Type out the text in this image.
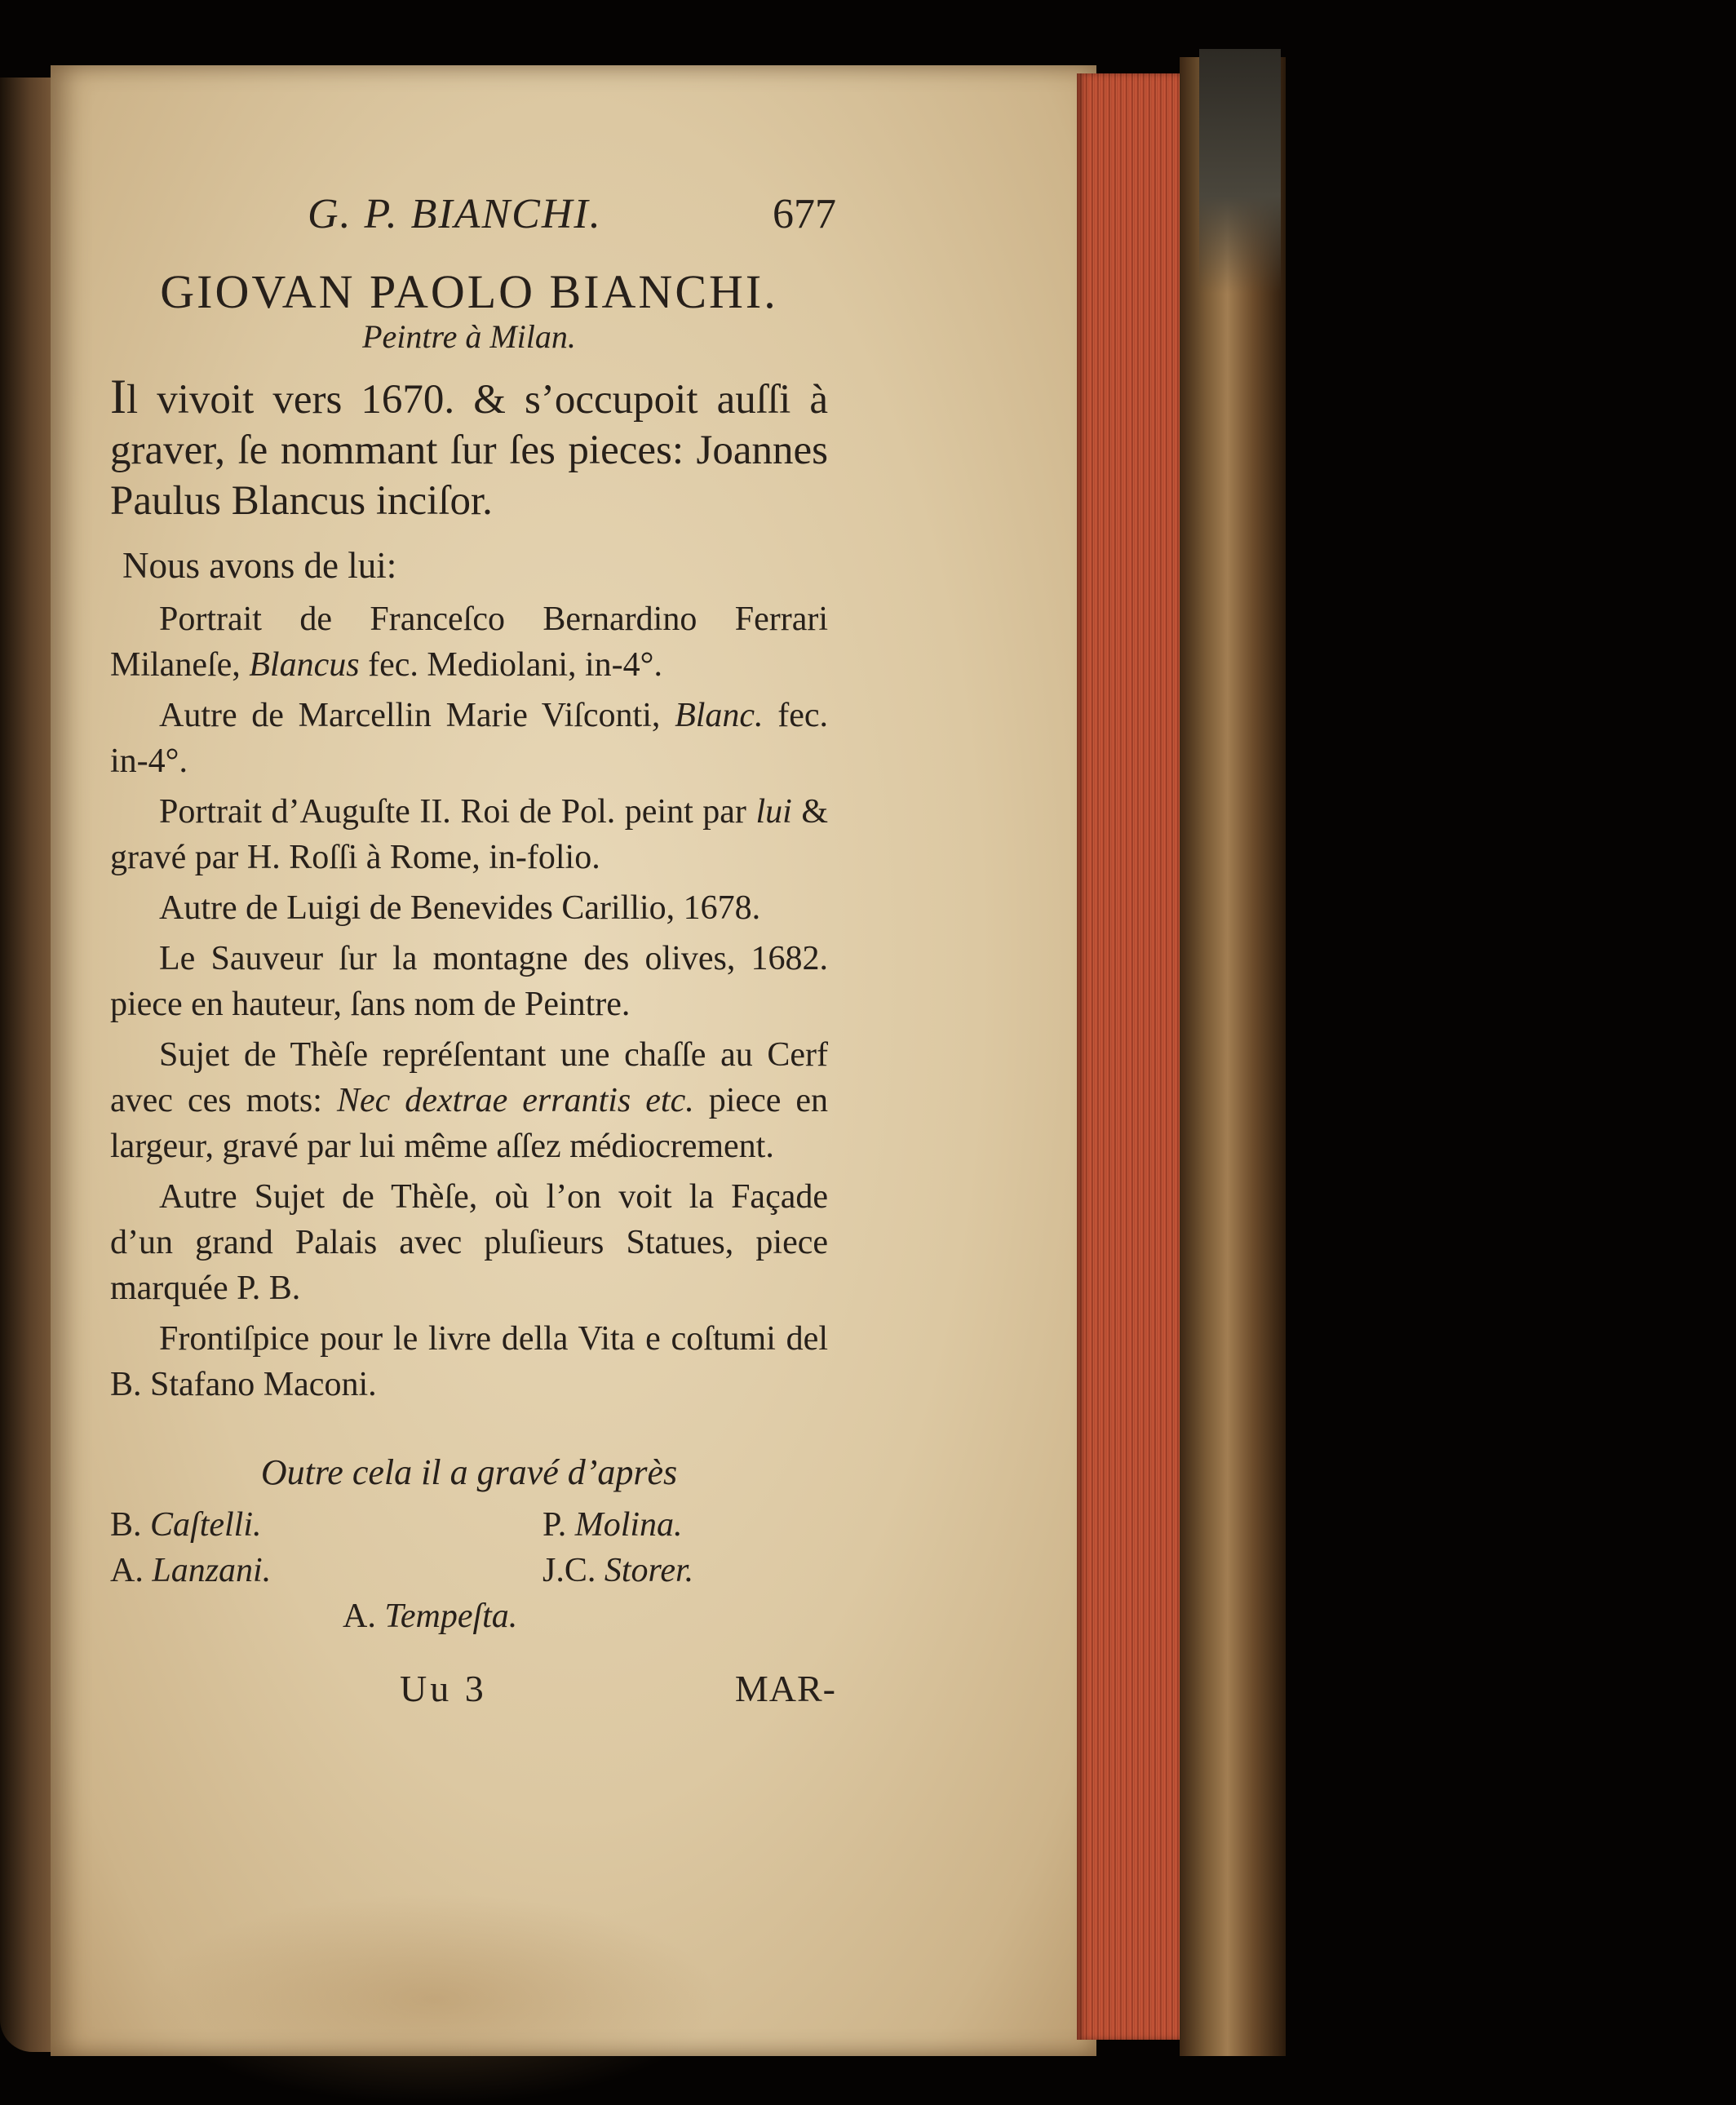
G. P. BIANCHI.	677
GIOVAN PAOLO BIANCHI.
Peintre à Milan.

Il vivoit vers 1670. & s’occupoit auſſi à graver, ſe nommant ſur ſes pieces: Joannes Paulus Blancus inciſor.

Nous avons de lui:

Portrait de Franceſco Bernardino Ferrari Milaneſe, Blancus fec. Mediolani, in-4°.

Autre de Marcellin Marie Viſconti, Blanc. fec. in-4°.

Portrait d’Auguſte II. Roi de Pol. peint par lui & gravé par H. Roſſi à Rome, in-folio.

Autre de Luigi de Benevides Carillio, 1678.

Le Sauveur ſur la montagne des olives, 1682. piece en hauteur, ſans nom de Peintre.

Sujet de Thèſe repréſentant une chaſſe au Cerf avec ces mots: Nec dextrae errantis etc. piece en largeur, gravé par lui même aſſez médiocrement.

Autre Sujet de Thèſe, où l’on voit la Façade d’un grand Palais avec pluſieurs Statues, piece marquée P. B.

Frontiſpice pour le livre della Vita e coſtumi del B. Stafano Maconi.

Outre cela il a gravé d’après
B. Caſtelli.	P. Molina.
A. Lanzani.	J.C. Storer.
A. Tempeſta.
Uu 3	MAR-
